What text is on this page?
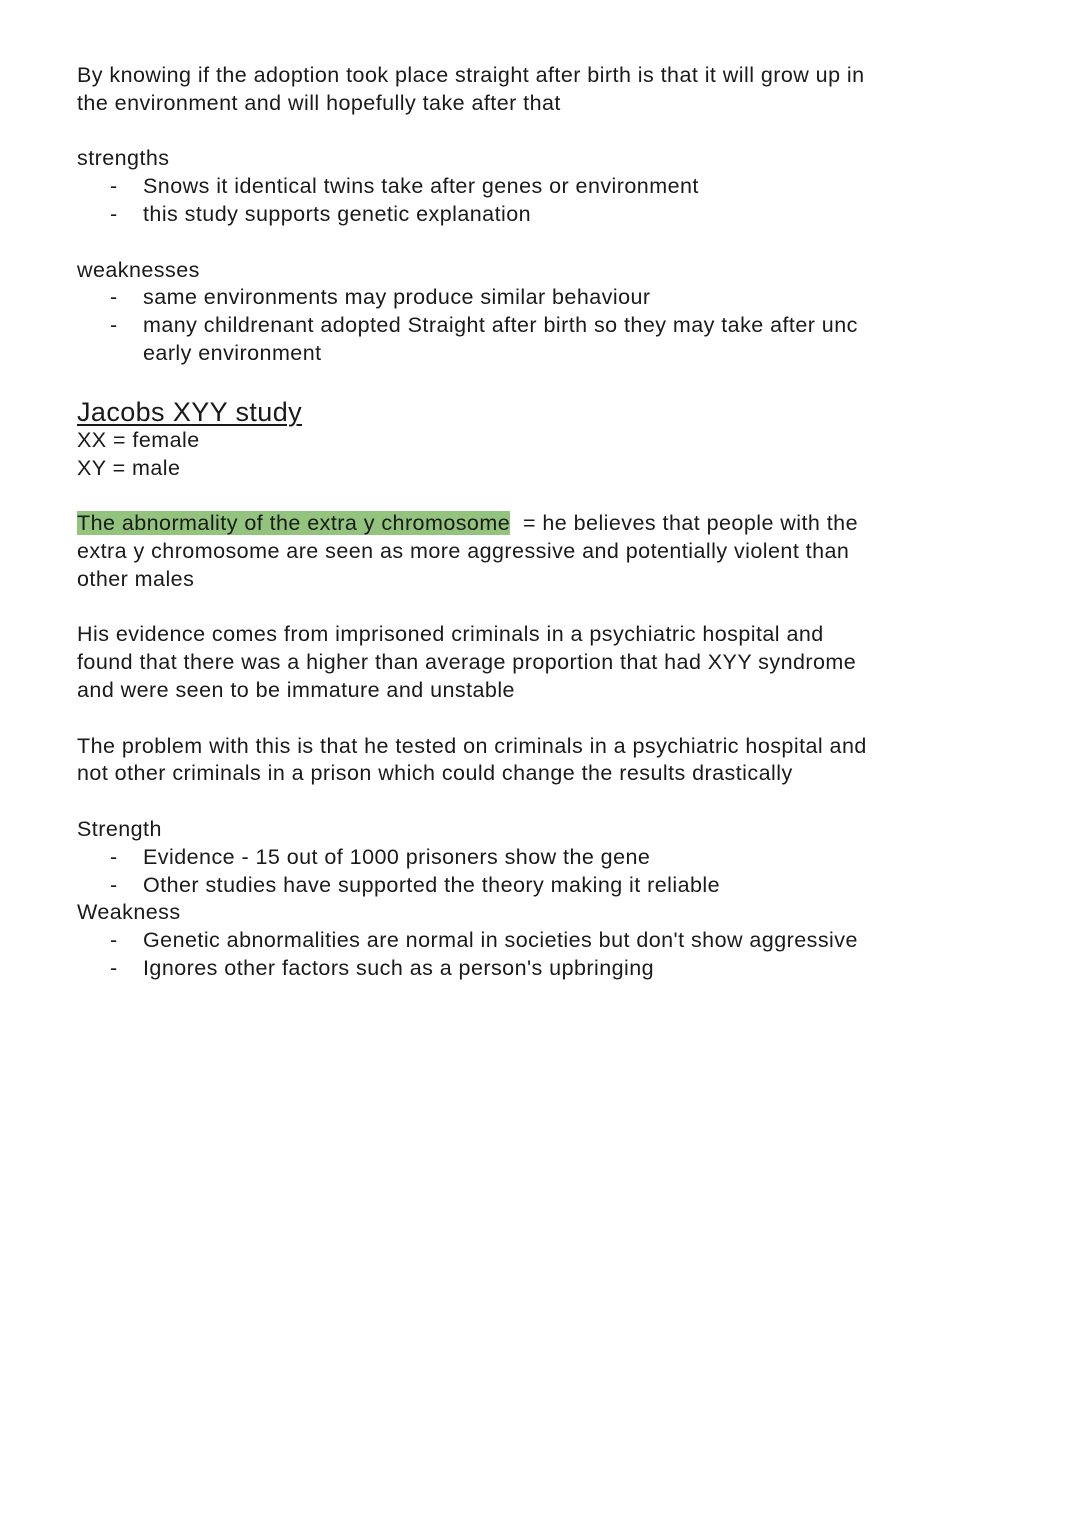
By knowing if the adoption took place straight after birth is that it will grow up in
the environment and will hopefully take after that
strengths
- Snows it identical twins take after genes or environment
- this study supports genetic explanation
weaknesses
- same environments may produce similar behaviour
- many childrenant adopted Straight after birth so they may take after unc
early environment
Jacobs XYY study
XX = female
XY = male
The abnormality of the extra y chromosome  = he believes that people with the
extra y chromosome are seen as more aggressive and potentially violent than
other males
His evidence comes from imprisoned criminals in a psychiatric hospital and
found that there was a higher than average proportion that had XYY syndrome
and were seen to be immature and unstable
The problem with this is that he tested on criminals in a psychiatric hospital and
not other criminals in a prison which could change the results drastically
Strength
- Evidence - 15 out of 1000 prisoners show the gene
- Other studies have supported the theory making it reliable
Weakness
- Genetic abnormalities are normal in societies but don't show aggressive
- Ignores other factors such as a person's upbringing
